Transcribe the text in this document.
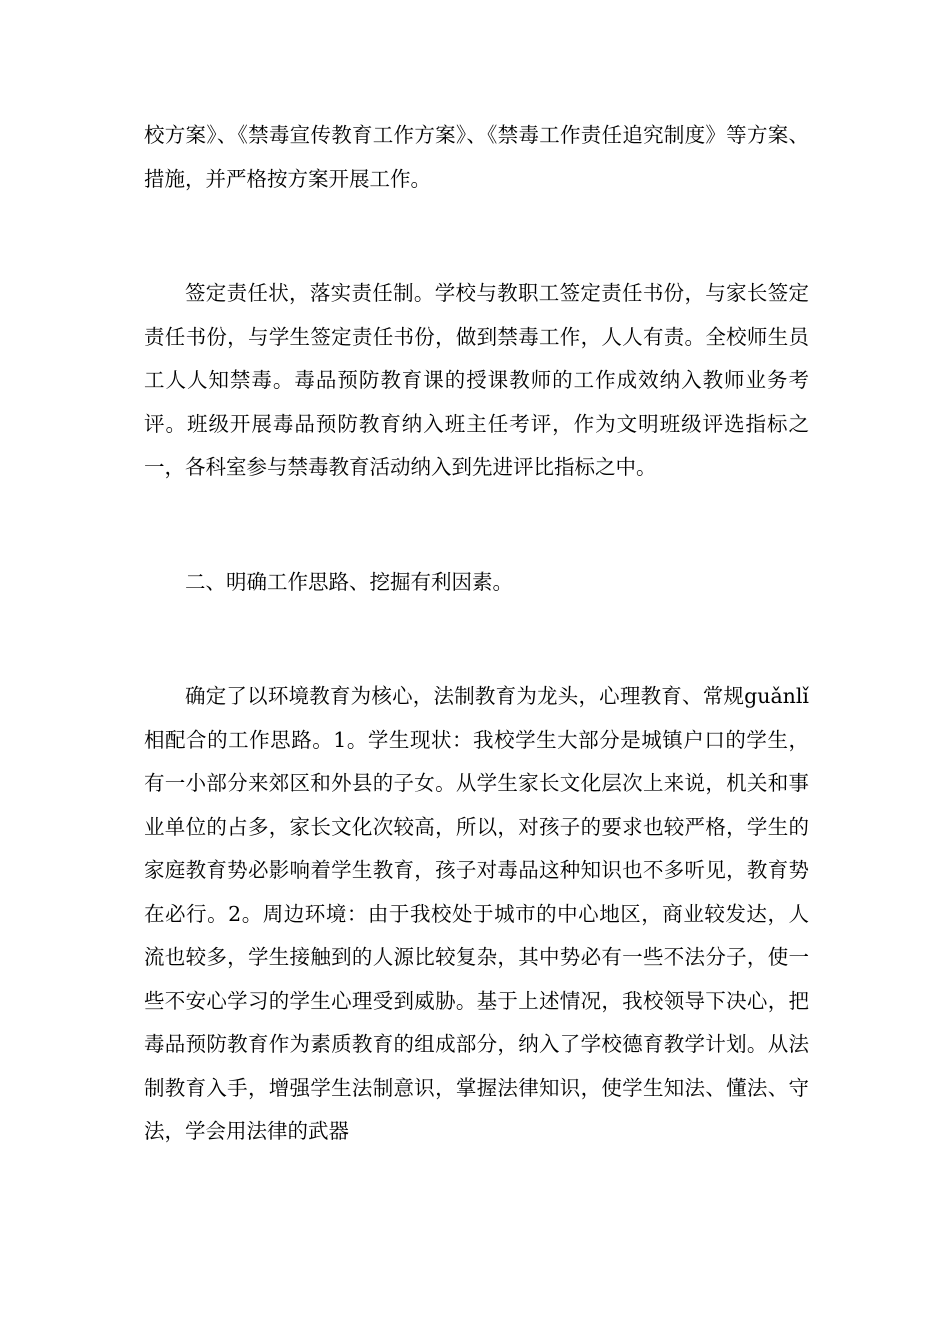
校方案》、《禁毒宣传教育工作方案》、《禁毒工作责任追究制度》等方案、措施，并严格按方案开展工作。

签定责任状，落实责任制。学校与教职工签定责任书份，与家长签定责任书份，与学生签定责任书份，做到禁毒工作，人人有责。全校师生员工人人知禁毒。毒品预防教育课的授课教师的工作成效纳入教师业务考评。班级开展毒品预防教育纳入班主任考评，作为文明班级评选指标之一，各科室参与禁毒教育活动纳入到先进评比指标之中。

二、明确工作思路、挖掘有利因素。

确定了以环境教育为核心，法制教育为龙头，心理教育、常规guǎnlǐ相配合的工作思路。1。学生现状：我校学生大部分是城镇户口的学生，有一小部分来郊区和外县的子女。从学生家长文化层次上来说，机关和事业单位的占多，家长文化次较高，所以，对孩子的要求也较严格，学生的家庭教育势必影响着学生教育，孩子对毒品这种知识也不多听见，教育势在必行。2。周边环境：由于我校处于城市的中心地区，商业较发达，人流也较多，学生接触到的人源比较复杂，其中势必有一些不法分子，使一些不安心学习的学生心理受到威胁。基于上述情况，我校领导下决心，把毒品预防教育作为素质教育的组成部分，纳入了学校德育教学计划。从法制教育入手，增强学生法制意识，掌握法律知识，使学生知法、懂法、守法，学会用法律的武器
